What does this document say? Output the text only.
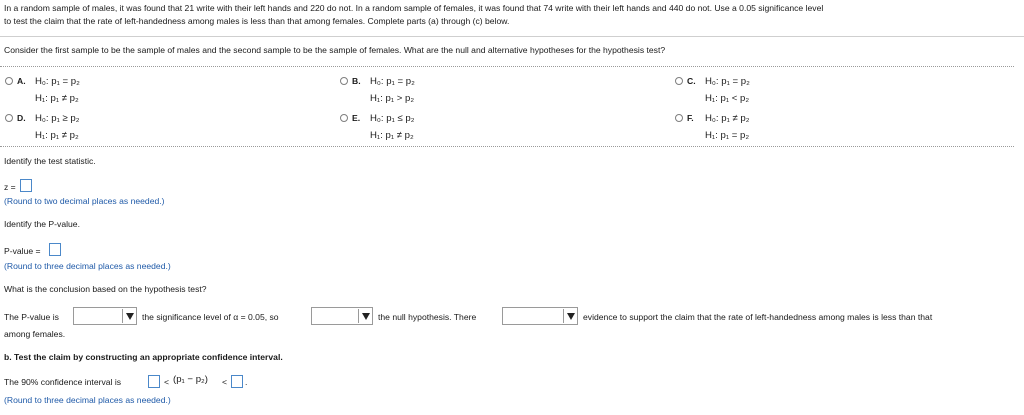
In a random sample of males, it was found that 21 write with their left hands and 220 do not. In a random sample of females, it was found that 74 write with their left hands and 440 do not. Use a 0.05 significance level
to test the claim that the rate of left-handedness among males is less than that among females. Complete parts (a) through (c) below.
Consider the first sample to be the sample of males and the second sample to be the sample of females. What are the null and alternative hypotheses for the hypothesis test?
A. H₀: p₁ = p₂
H₁: p₁ ≠ p₂
B. H₀: p₁ = p₂
H₁: p₁ > p₂
C. H₀: p₁ = p₂
H₁: p₁ < p₂
D. H₀: p₁ ≥ p₂
H₁: p₁ ≠ p₂
E. H₀: p₁ ≤ p₂
H₁: p₁ ≠ p₂
F. H₀: p₁ ≠ p₂
H₁: p₁ = p₂
Identify the test statistic.
z =
(Round to two decimal places as needed.)
Identify the P-value.
P-value =
(Round to three decimal places as needed.)
What is the conclusion based on the hypothesis test?
The P-value is	the significance level of α = 0.05, so	the null hypothesis. There	evidence to support the claim that the rate of left-handedness among males is less than that
among females.
b. Test the claim by constructing an appropriate confidence interval.
The 90% confidence interval is	< (p₁ − p₂) < .
(Round to three decimal places as needed.)
